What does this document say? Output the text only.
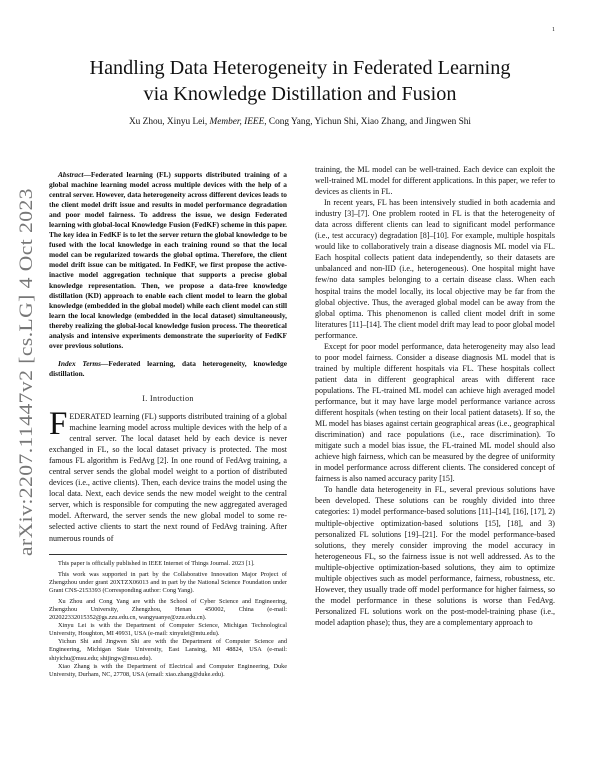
1
arXiv:2207.11447v2 [cs.LG] 4 Oct 2023
Handling Data Heterogeneity in Federated Learning
via Knowledge Distillation and Fusion
Xu Zhou, Xinyu Lei, Member, IEEE, Cong Yang, Yichun Shi, Xiao Zhang, and Jingwen Shi

Abstract—Federated learning (FL) supports distributed training of a global machine learning model across multiple devices with the help of a central server. However, data heterogeneity across different devices leads to the client model drift issue and results in model performance degradation and poor model fairness. To address the issue, we design Federated learning with global-local Knowledge Fusion (FedKF) scheme in this paper. The key idea in FedKF is to let the server return the global knowledge to be fused with the local knowledge in each training round so that the local model can be regularized towards the global optima. Therefore, the client model drift issue can be mitigated. In FedKF, we first propose the active-inactive model aggregation technique that supports a precise global knowledge representation. Then, we propose a data-free knowledge distillation (KD) approach to enable each client model to learn the global knowledge (embedded in the global model) while each client model can still learn the local knowledge (embedded in the local dataset) simultaneously, thereby realizing the global-local knowledge fusion process. The theoretical analysis and intensive experiments demonstrate the superiority of FedKF over previous solutions.

Index Terms—Federated learning, data heterogeneity, knowledge distillation.

I. Introduction

FEDERATED learning (FL) supports distributed training of a global machine learning model across multiple devices with the help of a central server. The local dataset held by each device is never exchanged in FL, so the local dataset privacy is protected. The most famous FL algorithm is FedAvg [2]. In one round of FedAvg training, a central server sends the global model weight to a portion of distributed devices (i.e., active clients). Then, each device trains the model using the local data. Next, each device sends the new model weight to the central server, which is responsible for computing the new aggregated averaged model. Afterward, the server sends the new global model to some re-selected active clients to start the next round of FedAvg training. After numerous rounds of

This paper is officially published in IEEE Internet of Things Journal. 2023 [1].

This work was supported in part by the Collaborative Innovation Major Project of Zhengzhou under grant 20XTZX06013 and in part by the National Science Foundation under Grant CNS-2153393 (Corresponding author: Cong Yang).

Xu Zhou and Cong Yang are with the School of Cyber Science and Engineering, Zhengzhou University, Zhengzhou, Henan 450002, China (e-mail: 202022332015352@gs.zzu.edu.cn, wangyuanye@zzu.edu.cn).

Xinyu Lei is with the Department of Computer Science, Michigan Technological University, Houghton, MI 49931, USA (e-mail: xinyulei@mtu.edu).

Yichun Shi and Jingwen Shi are with the Department of Computer Science and Engineering, Michigan State University, East Lansing, MI 48824, USA (e-mail: shiyichu@msu.edu; shijingw@msu.edu).

Xiao Zhang is with the Department of Electrical and Computer Engineering, Duke University, Durham, NC, 27708, USA (email: xiao.zhang@duke.edu).

training, the ML model can be well-trained. Each device can exploit the well-trained ML model for different applications. In this paper, we refer to devices as clients in FL.

In recent years, FL has been intensively studied in both academia and industry [3]–[7]. One problem rooted in FL is that the heterogeneity of data across different clients can lead to significant model performance (i.e., test accuracy) degradation [8]–[10]. For example, multiple hospitals would like to collaboratively train a disease diagnosis ML model via FL. Each hospital collects patient data independently, so their datasets are unbalanced and non-IID (i.e., heterogeneous). One hospital might have few/no data samples belonging to a certain disease class. When each hospital trains the model locally, its local objective may be far from the global objective. Thus, the averaged global model can be away from the global optima. This phenomenon is called client model drift in some literatures [11]–[14]. The client model drift may lead to poor global model performance.

Except for poor model performance, data heterogeneity may also lead to poor model fairness. Consider a disease diagnosis ML model that is trained by multiple different hospitals via FL. These hospitals collect patient data in different geographical areas with different race populations. The FL-trained ML model can achieve high averaged model performance, but it may have large model performance variance across different hospitals (when testing on their local patient datasets). If so, the ML model has biases against certain geographical areas (i.e., geographical discrimination) and race populations (i.e., race discrimination). To mitigate such a model bias issue, the FL-trained ML model should also achieve high fairness, which can be measured by the degree of uniformity in model performance across different clients. The considered concept of fairness is also named accuracy parity [15].

To handle data heterogeneity in FL, several previous solutions have been developed. These solutions can be roughly divided into three categories: 1) model performance-based solutions [11]–[14], [16], [17], 2) multiple-objective optimization-based solutions [15], [18], and 3) personalized FL solutions [19]–[21]. For the model performance-based solutions, they merely consider improving the model accuracy in heterogeneous FL, so the fairness issue is not well addressed. As to the multiple-objective optimization-based solutions, they aim to optimize multiple objectives such as model performance, fairness, robustness, etc. However, they usually trade off model performance for higher fairness, so the model performance in these solutions is worse than FedAvg. Personalized FL solutions work on the post-model-training phase (i.e., model adaption phase); thus, they are a complementary approach to
